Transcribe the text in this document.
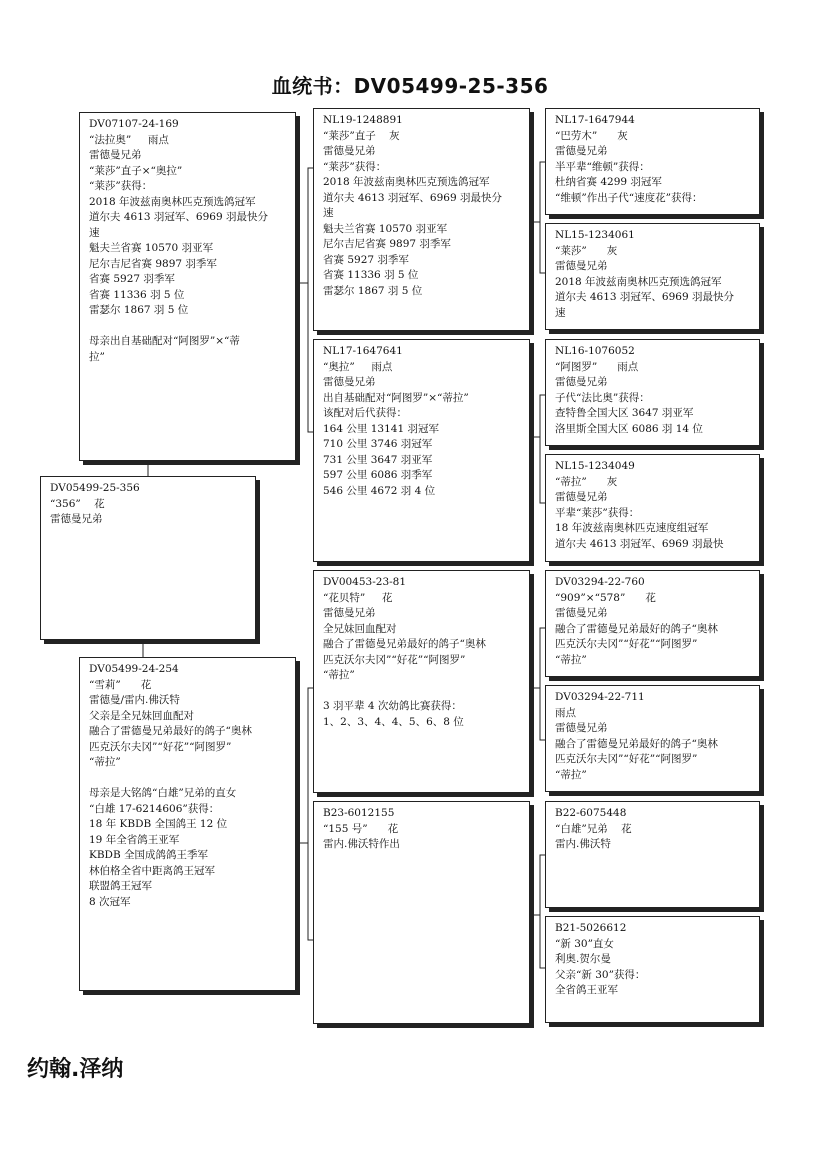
血统书：DV05499-25-356
DV05499-25-356
“356”    花
雷德曼兄弟
DV07107-24-169
“法拉奥”     雨点
雷德曼兄弟
“莱莎”直子×“奥拉”
“莱莎”获得：
2018 年波兹南奥林匹克预选鸽冠军
道尔夫 4613 羽冠军、6969 羽最快分
速
魁夫兰省赛 10570 羽亚军
尼尔吉尼省赛 9897 羽季军
省赛 5927 羽季军
省赛 11336 羽 5 位
雷瑟尔 1867 羽 5 位

母亲出自基础配对“阿图罗”×“蒂
拉”
DV05499-24-254
“雪莉”      花
雷德曼/雷内.佛沃特
父亲是全兄妹回血配对
融合了雷德曼兄弟最好的鸽子“奥林
匹克沃尔夫冈”“好花”“阿图罗”
“蒂拉”

母亲是大铭鸽“白雄”兄弟的直女
“白雄 17-6214606”获得：
18 年 KBDB 全国鸽王 12 位
19 年全省鸽王亚军
KBDB 全国成鸽鸽王季军
林伯格全省中距离鸽王冠军
联盟鸽王冠军
8 次冠军
NL19-1248891
“莱莎”直子    灰
雷德曼兄弟
“莱莎”获得：
2018 年波兹南奥林匹克预选鸽冠军
道尔夫 4613 羽冠军、6969 羽最快分
速
魁夫兰省赛 10570 羽亚军
尼尔吉尼省赛 9897 羽季军
省赛 5927 羽季军
省赛 11336 羽 5 位
雷瑟尔 1867 羽 5 位
NL17-1647641
“奥拉”     雨点
雷德曼兄弟
出自基础配对“阿图罗”×“蒂拉”
该配对后代获得：
164 公里 13141 羽冠军
710 公里 3746 羽冠军
731 公里 3647 羽亚军
597 公里 6086 羽季军
546 公里 4672 羽 4 位
DV00453-23-81
“花贝特”     花
雷德曼兄弟
全兄妹回血配对
融合了雷德曼兄弟最好的鸽子“奥林
匹克沃尔夫冈”“好花”“阿图罗”
“蒂拉”

3 羽平辈 4 次幼鸽比赛获得：
1、2、3、4、4、5、6、8 位
B23-6012155
“155 号”      花
雷内.佛沃特作出
NL17-1647944
“巴劳木”      灰
雷德曼兄弟
半平辈“维顿”获得：
杜纳省赛 4299 羽冠军
“维顿”作出子代“速度花”获得：
NL15-1234061
“莱莎”      灰
雷德曼兄弟
2018 年波兹南奥林匹克预选鸽冠军
道尔夫 4613 羽冠军、6969 羽最快分
速
NL16-1076052
“阿图罗”      雨点
雷德曼兄弟
子代“法比奥”获得：
查特鲁全国大区 3647 羽亚军
洛里斯全国大区 6086 羽 14 位
NL15-1234049
“蒂拉”      灰
雷德曼兄弟
平辈“莱莎”获得：
18 年波兹南奥林匹克速度组冠军
道尔夫 4613 羽冠军、6969 羽最快
DV03294-22-760
“909”×“578”      花
雷德曼兄弟
融合了雷德曼兄弟最好的鸽子“奥林
匹克沃尔夫冈”“好花”“阿图罗”
“蒂拉”
DV03294-22-711
雨点
雷德曼兄弟
融合了雷德曼兄弟最好的鸽子“奥林
匹克沃尔夫冈”“好花”“阿图罗”
“蒂拉”
B22-6075448
“白雄”兄弟    花
雷内.佛沃特
B21-5026612
“新 30”直女
利奥.贺尔曼
父亲“新 30”获得：
全省鸽王亚军
约翰.泽纳
